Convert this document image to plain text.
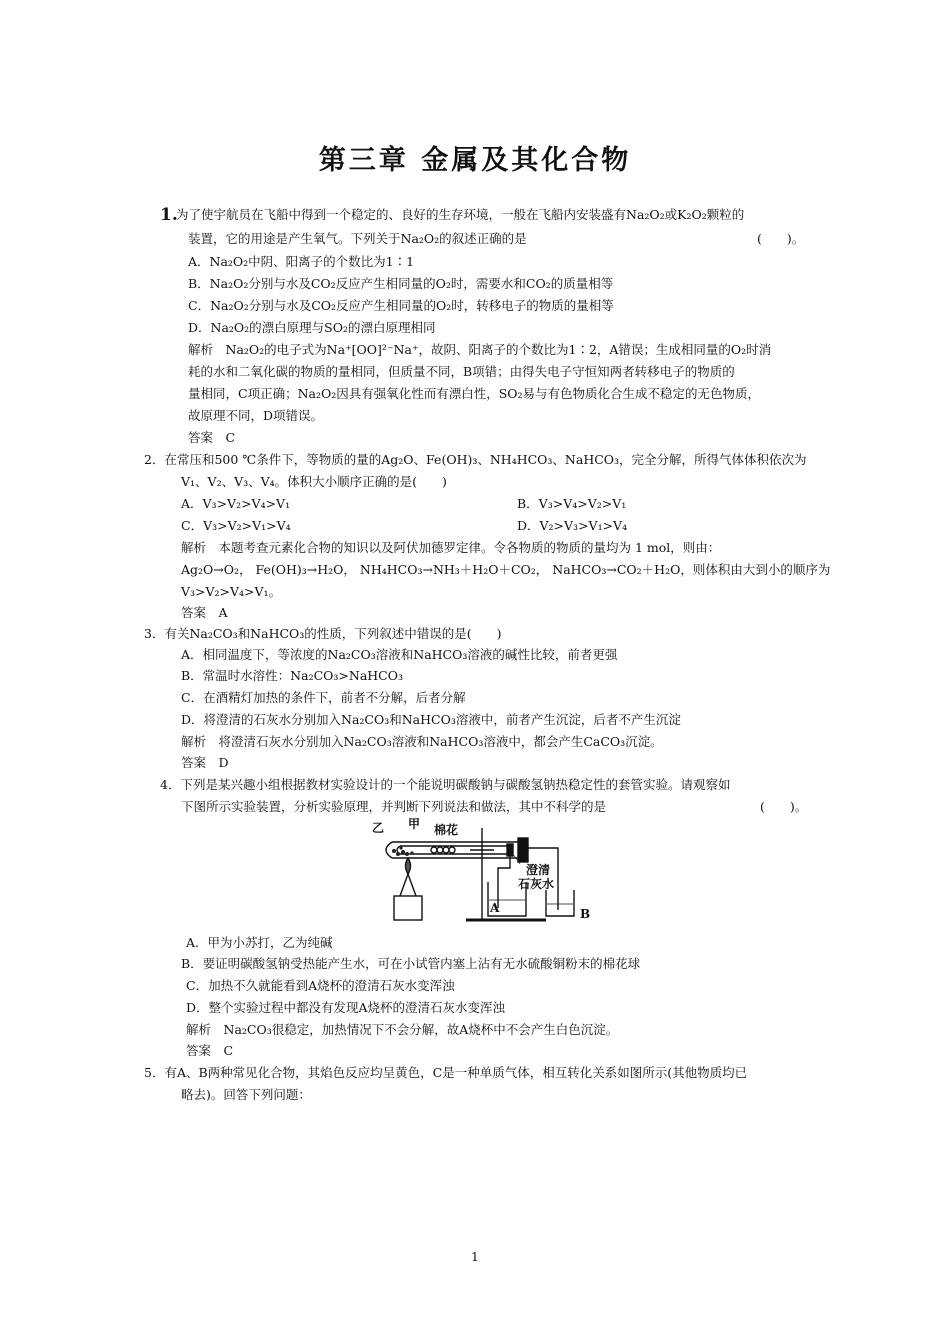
第三章 金属及其化合物
1.
为了使宇航员在飞船中得到一个稳定的、良好的生存环境，一般在飞船内安装盛有Na₂O₂或K₂O₂颗粒的
装置，它的用途是产生氧气。下列关于Na₂O₂的叙述正确的是	(　　)。
A．Na₂O₂中阴、阳离子的个数比为1∶1
B．Na₂O₂分别与水及CO₂反应产生相同量的O₂时，需要水和CO₂的质量相等
C．Na₂O₂分别与水及CO₂反应产生相同量的O₂时，转移电子的物质的量相等
D．Na₂O₂的漂白原理与SO₂的漂白原理相同
解析　Na₂O₂的电子式为Na⁺[OO]²⁻Na⁺，故阴、阳离子的个数比为1∶2，A错误；生成相同量的O₂时消
耗的水和二氧化碳的物质的量相同，但质量不同，B项错；由得失电子守恒知两者转移电子的物质的
量相同，C项正确；Na₂O₂因具有强氧化性而有漂白性，SO₂易与有色物质化合生成不稳定的无色物质，
故原理不同，D项错误。
答案　C
2．在常压和500 ℃条件下，等物质的量的Ag₂O、Fe(OH)₃、NH₄HCO₃、NaHCO₃，完全分解，所得气体体积依次为
V₁、V₂、V₃、V₄。体积大小顺序正确的是(　　)
A．V₃>V₂>V₄>V₁	B．V₃>V₄>V₂>V₁
C．V₃>V₂>V₁>V₄	D．V₂>V₃>V₁>V₄
解析　本题考查元素化合物的知识以及阿伏加德罗定律。令各物质的物质的量均为 1 mol，则由：
Ag₂O→O₂， Fe(OH)₃→H₂O， NH₄HCO₃→NH₃＋H₂O＋CO₂， NaHCO₃→CO₂＋H₂O，则体积由大到小的顺序为
V₃>V₂>V₄>V₁。
答案　A
3．有关Na₂CO₃和NaHCO₃的性质，下列叙述中错误的是(　　)
A．相同温度下，等浓度的Na₂CO₃溶液和NaHCO₃溶液的碱性比较，前者更强
B．常温时水溶性：Na₂CO₃>NaHCO₃
C．在酒精灯加热的条件下，前者不分解，后者分解
D．将澄清的石灰水分别加入Na₂CO₃和NaHCO₃溶液中，前者产生沉淀，后者不产生沉淀
解析　将澄清石灰水分别加入Na₂CO₃溶液和NaHCO₃溶液中，都会产生CaCO₃沉淀。
答案　D
4．下列是某兴趣小组根据教材实验设计的一个能说明碳酸钠与碳酸氢钠热稳定性的套管实验。请观察如
下图所示实验装置，分析实验原理，并判断下列说法和做法，其中不科学的是	(　　)。
乙 甲 棉花
澄清
石灰水
A	B
A．甲为小苏打，乙为纯碱
B．要证明碳酸氢钠受热能产生水，可在小试管内塞上沾有无水硫酸铜粉末的棉花球
C．加热不久就能看到A烧杯的澄清石灰水变浑浊
D．整个实验过程中都没有发现A烧杯的澄清石灰水变浑浊
解析　Na₂CO₃很稳定，加热情况下不会分解，故A烧杯中不会产生白色沉淀。
答案　C
5．有A、B两种常见化合物，其焰色反应均呈黄色，C是一种单质气体，相互转化关系如图所示(其他物质均已
略去)。回答下列问题：
1
